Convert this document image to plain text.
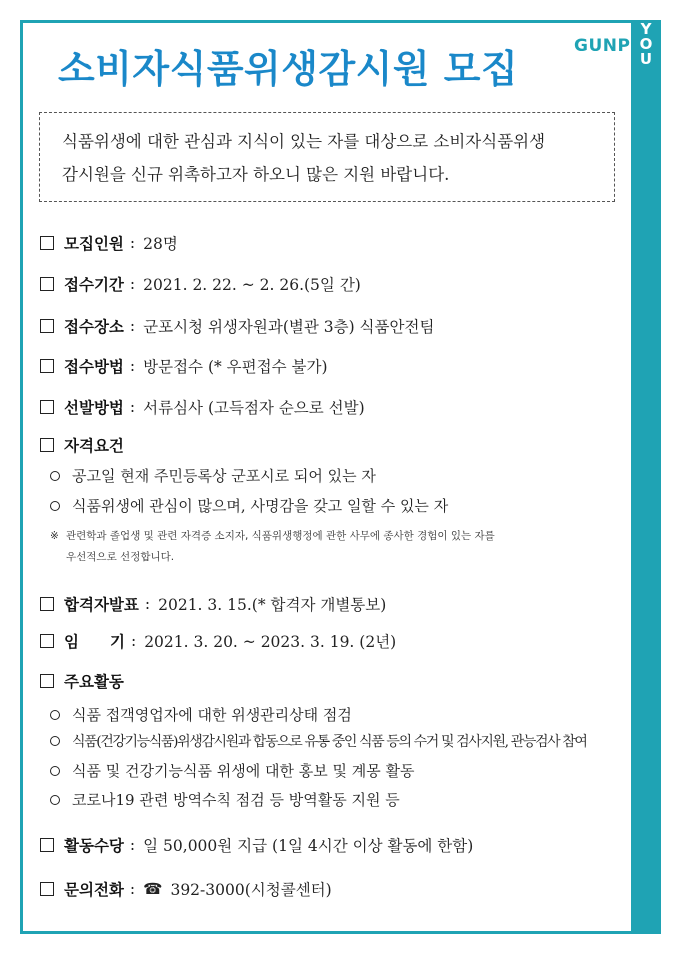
GUNP
Y
O
U
소비자식품위생감시원 모집
식품위생에 대한 관심과 지식이 있는 자를 대상으로 소비자식품위생
감시원을 신규 위촉하고자 하오니 많은 지원 바랍니다.
모집인원 : 28명
접수기간 : 2021. 2. 22. ~ 2. 26.(5일 간)
접수장소 : 군포시청 위생자원과(별관 3층) 식품안전팀
접수방법 : 방문접수 (* 우편접수 불가)
선발방법 : 서류심사 (고득점자 순으로 선발)
자격요건
공고일 현재 주민등록상 군포시로 되어 있는 자
식품위생에 관심이 많으며, 사명감을 갖고 일할 수 있는 자
※ 관련학과 졸업생 및 관련 자격증 소지자, 식품위생행정에 관한 사무에 종사한 경험이 있는 자를
우선적으로 선정합니다.
합격자발표 : 2021. 3. 15.(* 합격자 개별통보)
임　　기 : 2021. 3. 20. ~ 2023. 3. 19. (2년)
주요활동
식품 접객영업자에 대한 위생관리상태 점검
식품(건강기능식품)위생감시원과 합동으로 유통 중인 식품 등의 수거 및 검사지원, 관능검사 참여
식품 및 건강기능식품 위생에 대한 홍보 및 계몽 활동
코로나19 관련 방역수칙 점검 등 방역활동 지원 등
활동수당 : 일 50,000원 지급 (1일 4시간 이상 활동에 한함)
문의전화 : ☎ 392-3000(시청콜센터)
